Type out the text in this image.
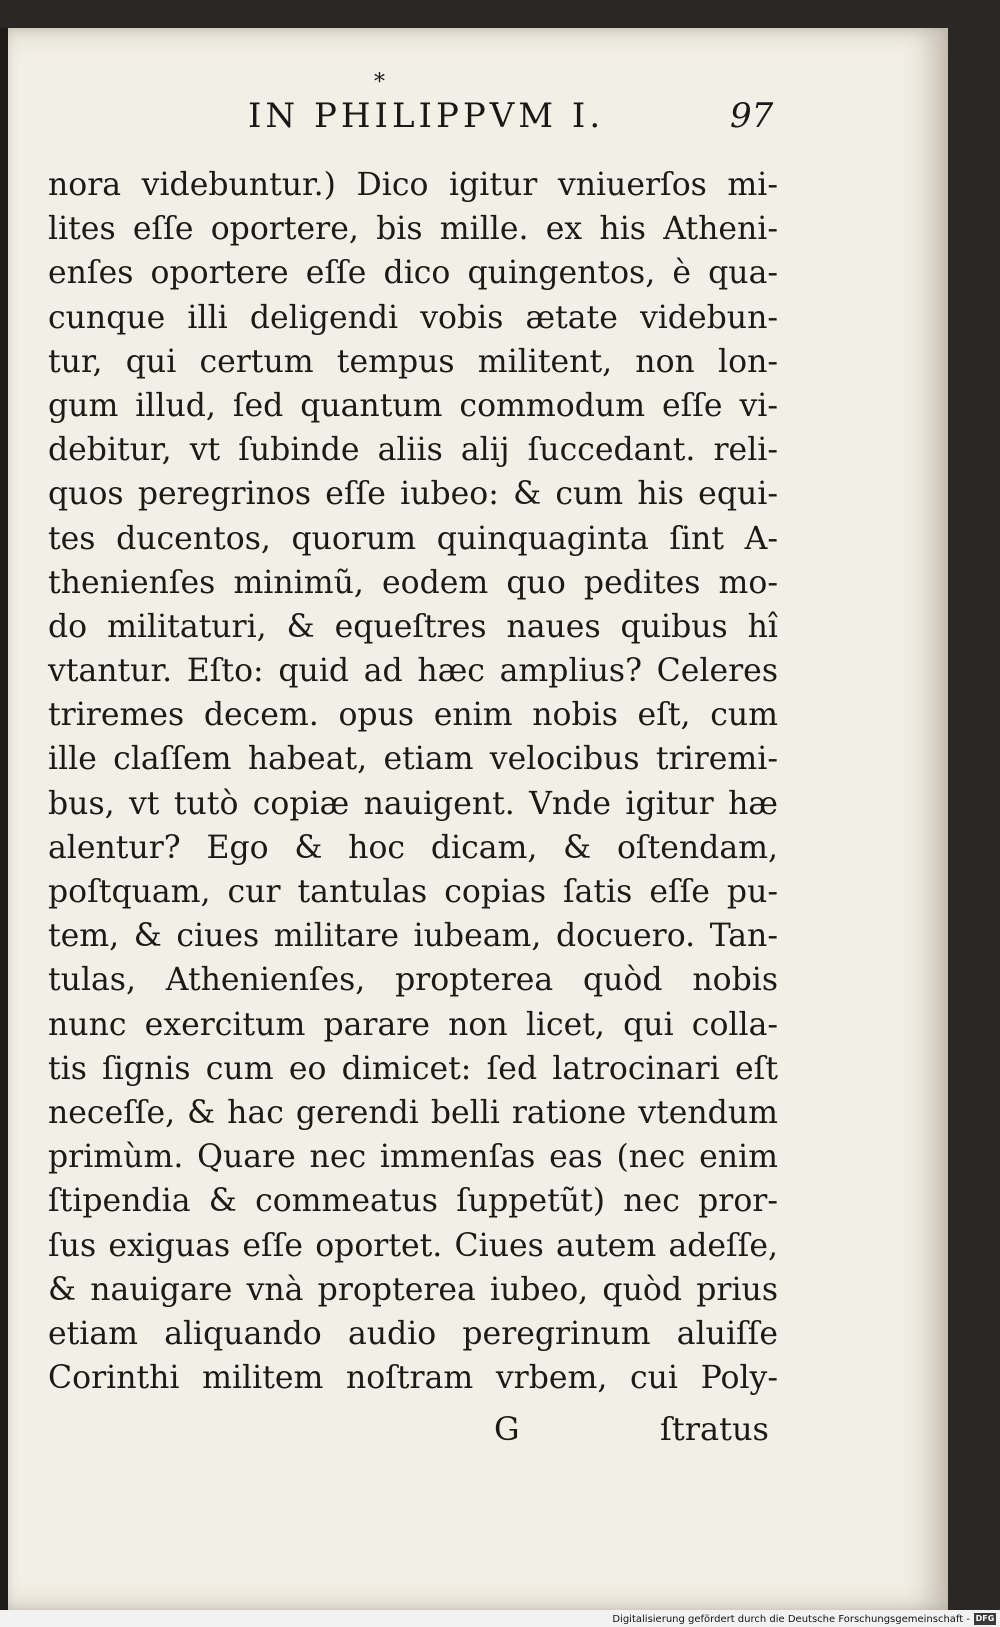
*
IN PHILIPPVM I.	97
nora videbuntur.) Dico igitur vniuerſos mi-
lites eſſe oportere, bis mille. ex his Atheni-
enſes oportere eſſe dico quingentos, è qua-
cunque illi deligendi vobis ætate videbun-
tur, qui certum tempus militent, non lon-
gum illud, ſed quantum commodum eſſe vi-
debitur, vt ſubinde aliis alij ſuccedant. reli-
quos peregrinos eſſe iubeo: & cum his equi-
tes ducentos, quorum quinquaginta ſint A-
thenienſes minimũ, eodem quo pedites mo-
do militaturi, & equeſtres naues quibus hî
vtantur. Eſto: quid ad hæc amplius? Celeres
triremes decem. opus enim nobis eſt, cum
ille claſſem habeat, etiam velocibus triremi-
bus, vt tutò copiæ nauigent. Vnde igitur hæ
alentur? Ego & hoc dicam, & oſtendam,
poſtquam, cur tantulas copias ſatis eſſe pu-
tem, & ciues militare iubeam, docuero. Tan-
tulas, Athenienſes, propterea quòd nobis
nunc exercitum parare non licet, qui colla-
tis ſignis cum eo dimicet: ſed latrocinari eſt
neceſſe, & hac gerendi belli ratione vtendum
primùm. Quare nec immenſas eas (nec enim
ſtipendia & commeatus ſuppetũt) nec pror-
ſus exiguas eſſe oportet. Ciues autem adeſſe,
& nauigare vnà propterea iubeo, quòd prius
etiam aliquando audio peregrinum aluiſſe
Corinthi militem noſtram vrbem, cui Poly-
G	ſtratus
Digitalisierung gefördert durch die Deutsche Forschungsgemeinschaft - DFG
